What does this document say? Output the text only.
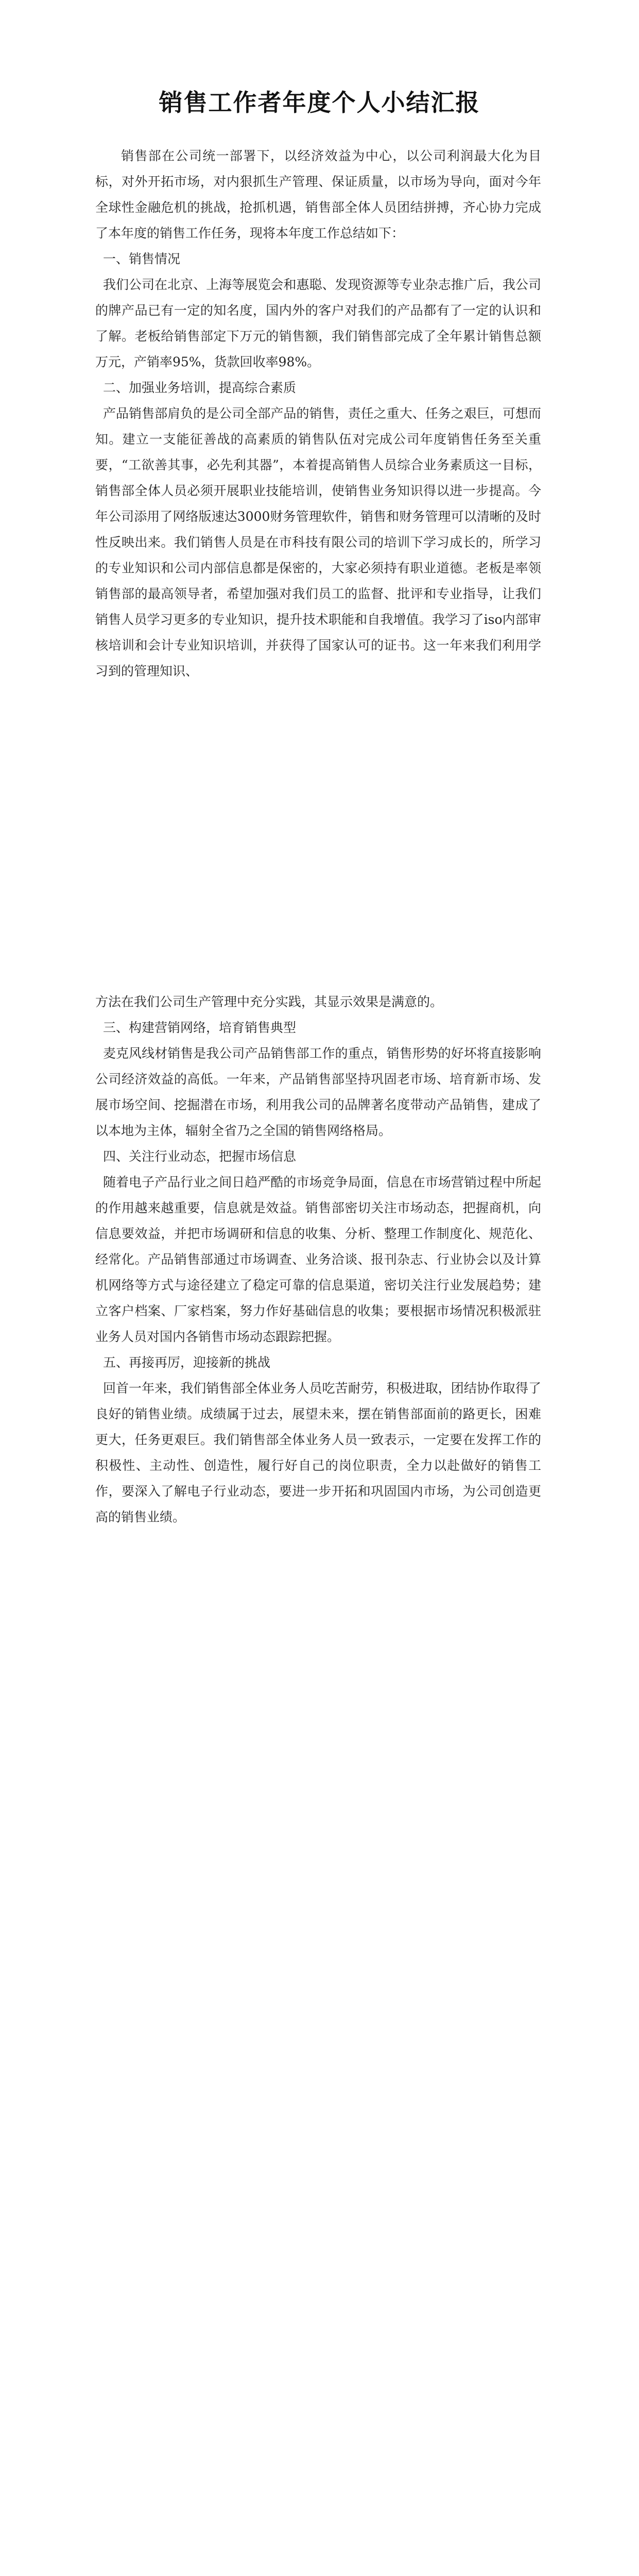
销售工作者年度个人小结汇报

销售部在公司统一部署下，以经济效益为中心，以公司利润最大化为目标，对外开拓市场，对内狠抓生产管理、保证质量，以市场为导向，面对今年全球性金融危机的挑战，抢抓机遇，销售部全体人员团结拼搏，齐心协力完成了本年度的销售工作任务，现将本年度工作总结如下：

一、销售情况

我们公司在北京、上海等展览会和惠聪、发现资源等专业杂志推广后，我公司的牌产品已有一定的知名度，国内外的客户对我们的产品都有了一定的认识和了解。老板给销售部定下万元的销售额，我们销售部完成了全年累计销售总额万元，产销率95%，货款回收率98%。

二、加强业务培训，提高综合素质

产品销售部肩负的是公司全部产品的销售，责任之重大、任务之艰巨，可想而知。建立一支能征善战的高素质的销售队伍对完成公司年度销售任务至关重要，“工欲善其事，必先利其器”，本着提高销售人员综合业务素质这一目标，销售部全体人员必须开展职业技能培训，使销售业务知识得以进一步提高。今年公司添用了网络版速达3000财务管理软件，销售和财务管理可以清晰的及时性反映出来。我们销售人员是在市科技有限公司的培训下学习成长的，所学习的专业知识和公司内部信息都是保密的，大家必须持有职业道德。老板是率领销售部的最高领导者，希望加强对我们员工的监督、批评和专业指导，让我们销售人员学习更多的专业知识，提升技术职能和自我增值。我学习了iso内部审核培训和会计专业知识培训，并获得了国家认可的证书。这一年来我们利用学习到的管理知识、

方法在我们公司生产管理中充分实践，其显示效果是满意的。

三、构建营销网络，培育销售典型

麦克风线材销售是我公司产品销售部工作的重点，销售形势的好坏将直接影响公司经济效益的高低。一年来，产品销售部坚持巩固老市场、培育新市场、发展市场空间、挖掘潜在市场，利用我公司的品牌著名度带动产品销售，建成了以本地为主体，辐射全省乃之全国的销售网络格局。

四、关注行业动态，把握市场信息

随着电子产品行业之间日趋严酷的市场竞争局面，信息在市场营销过程中所起的作用越来越重要，信息就是效益。销售部密切关注市场动态，把握商机，向信息要效益，并把市场调研和信息的收集、分析、整理工作制度化、规范化、经常化。产品销售部通过市场调查、业务洽谈、报刊杂志、行业协会以及计算机网络等方式与途径建立了稳定可靠的信息渠道，密切关注行业发展趋势；建立客户档案、厂家档案，努力作好基础信息的收集；要根据市场情况积极派驻业务人员对国内各销售市场动态跟踪把握。

五、再接再厉，迎接新的挑战

回首一年来，我们销售部全体业务人员吃苦耐劳，积极进取，团结协作取得了良好的销售业绩。成绩属于过去，展望未来，摆在销售部面前的路更长，困难更大，任务更艰巨。我们销售部全体业务人员一致表示，一定要在发挥工作的积极性、主动性、创造性，履行好自己的岗位职责，全力以赴做好的销售工作，要深入了解电子行业动态，要进一步开拓和巩固国内市场，为公司创造更高的销售业绩。
